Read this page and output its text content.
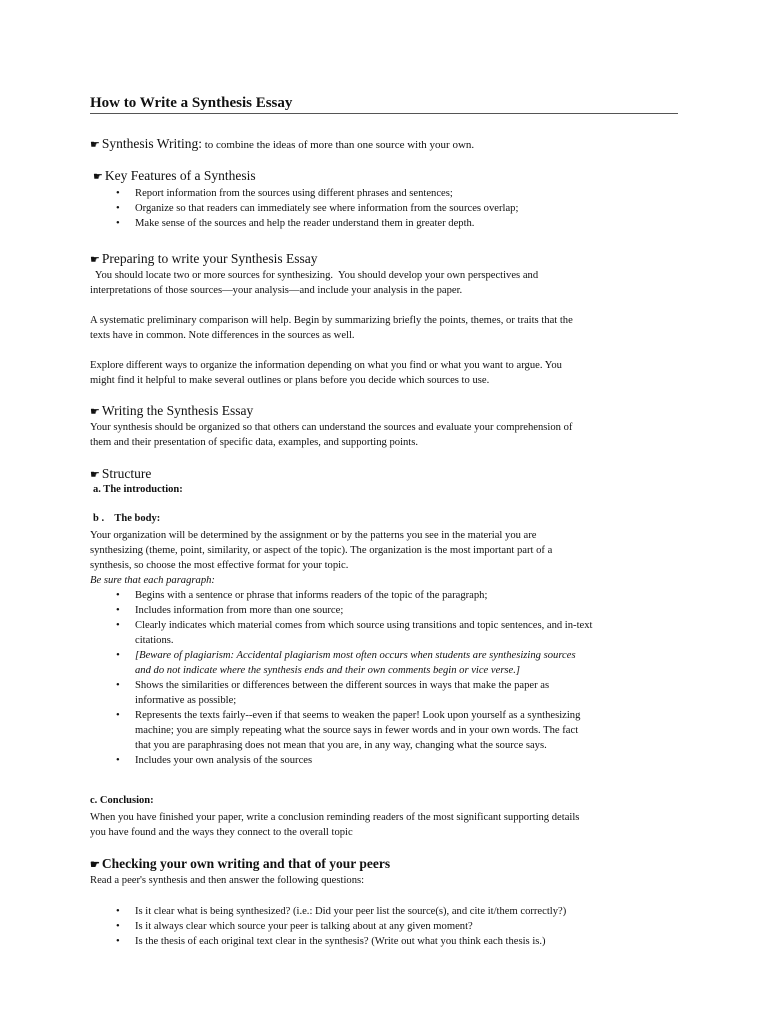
How to Write a Synthesis Essay
☛ Synthesis Writing: to combine the ideas of more than one source with your own.
☛ Key Features of a Synthesis
• Report information from the sources using different phrases and sentences;
• Organize so that readers can immediately see where information from the sources overlap;
• Make sense of the sources and help the reader understand them in greater depth.
☛ Preparing to write your Synthesis Essay
You should locate two or more sources for synthesizing.  You should develop your own perspectives and
interpretations of those sources—your analysis—and include your analysis in the paper.
A systematic preliminary comparison will help. Begin by summarizing briefly the points, themes, or traits that the
texts have in common. Note differences in the sources as well.
Explore different ways to organize the information depending on what you find or what you want to argue. You
might find it helpful to make several outlines or plans before you decide which sources to use.
☛ Writing the Synthesis Essay
Your synthesis should be organized so that others can understand the sources and evaluate your comprehension of
them and their presentation of specific data, examples, and supporting points.
☛ Structure
a. The introduction:
b .    The body:
Your organization will be determined by the assignment or by the patterns you see in the material you are
synthesizing (theme, point, similarity, or aspect of the topic). The organization is the most important part of a
synthesis, so choose the most effective format for your topic.
Be sure that each paragraph:
• Begins with a sentence or phrase that informs readers of the topic of the paragraph;
• Includes information from more than one source;
• Clearly indicates which material comes from which source using transitions and topic sentences, and in-text
citations.
• [Beware of plagiarism: Accidental plagiarism most often occurs when students are synthesizing sources
and do not indicate where the synthesis ends and their own comments begin or vice verse.]
• Shows the similarities or differences between the different sources in ways that make the paper as
informative as possible;
• Represents the texts fairly--even if that seems to weaken the paper! Look upon yourself as a synthesizing
machine; you are simply repeating what the source says in fewer words and in your own words. The fact
that you are paraphrasing does not mean that you are, in any way, changing what the source says.
• Includes your own analysis of the sources
c. Conclusion:
When you have finished your paper, write a conclusion reminding readers of the most significant supporting details
you have found and the ways they connect to the overall topic
☛ Checking your own writing and that of your peers
Read a peer's synthesis and then answer the following questions:
• Is it clear what is being synthesized? (i.e.: Did your peer list the source(s), and cite it/them correctly?)
• Is it always clear which source your peer is talking about at any given moment?
• Is the thesis of each original text clear in the synthesis? (Write out what you think each thesis is.)
